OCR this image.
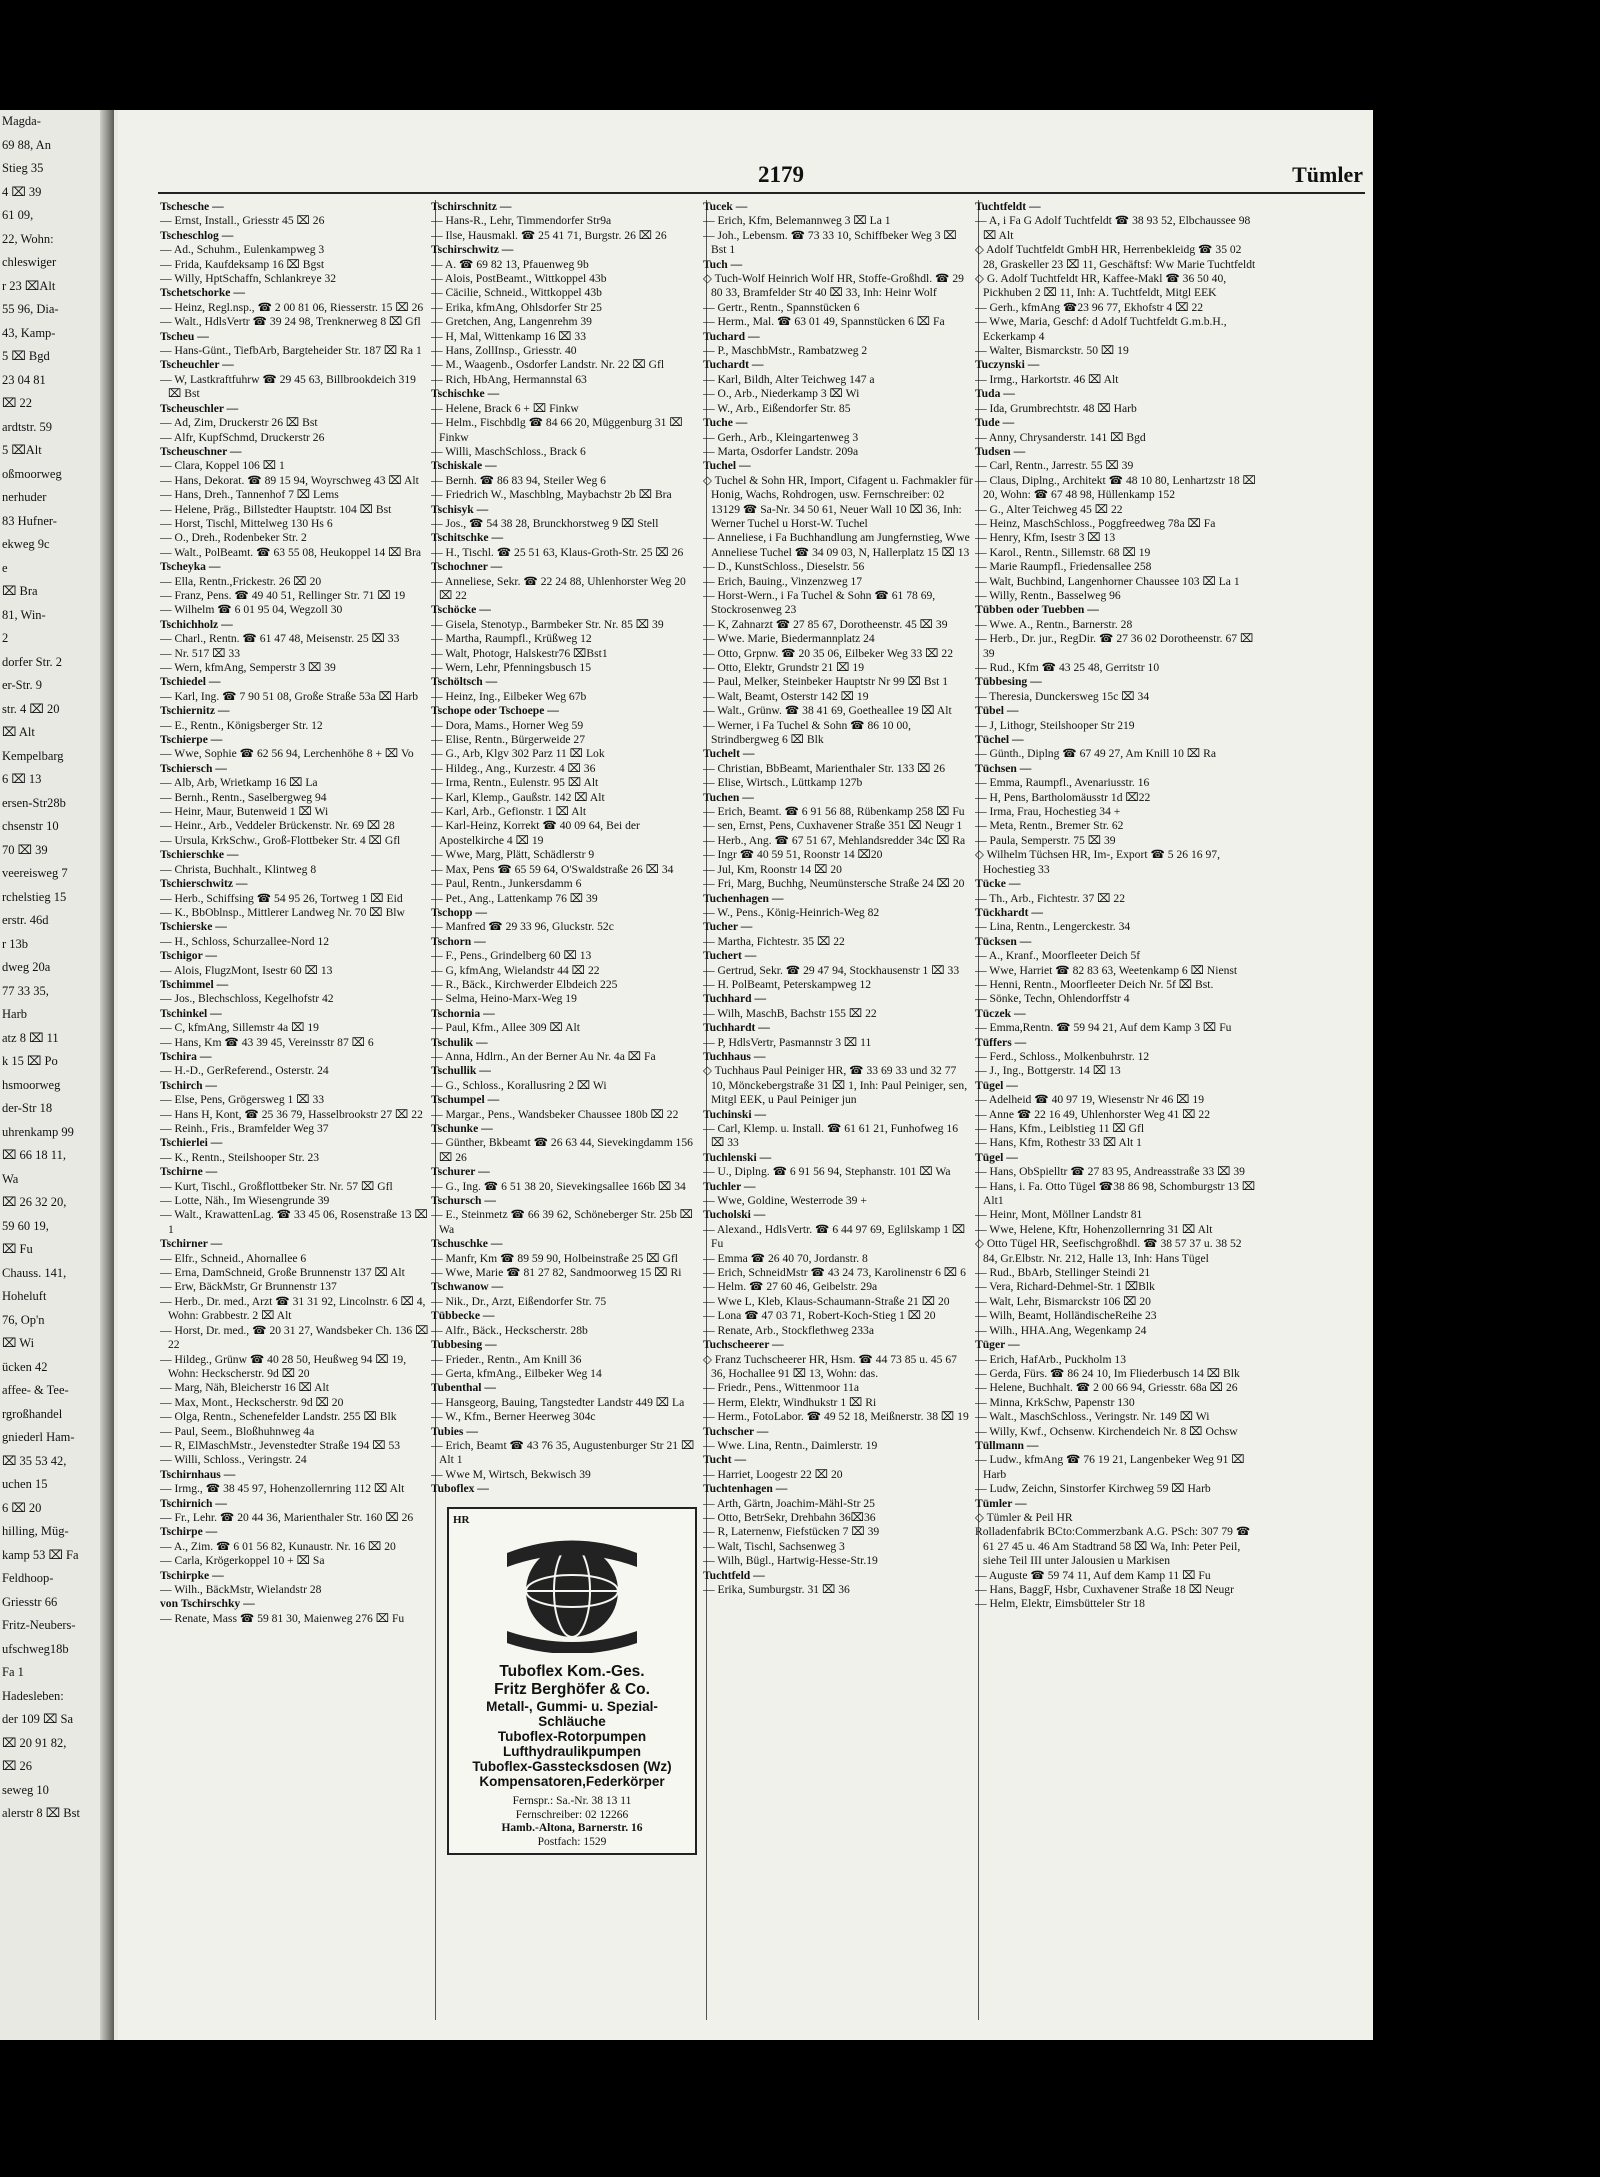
Magda-
69 88, An
Stieg 35
4 ⌧ 39
61 09,
22, Wohn:
chleswiger
r 23 ⌧Alt
55 96, Dia-
43, Kamp-
5 ⌧ Bgd
23 04 81
⌧ 22
ardtstr. 59
5 ⌧Alt
oßmoorweg
nerhuder
83 Hufner-
ekweg 9c
e
⌧ Bra
81, Win-
2
dorfer Str. 2
er-Str. 9
str. 4 ⌧ 20
⌧ Alt
Kempelbarg
6 ⌧ 13
ersen-Str28b
chsenstr 10
70 ⌧ 39
veereisweg 7
rchelstieg 15
erstr. 46d
r 13b
dweg 20a
77 33 35,
Harb
atz 8 ⌧ 11
k 15 ⌧ Po
hsmoorweg
der-Str 18
uhrenkamp 99
⌧ 66 18 11,
Wa
⌧ 26 32 20,
59 60 19,
⌧ Fu
Chauss. 141,
Hoheluft
76, Op'n
⌧ Wi
ücken 42
affee- & Tee-
rgroßhandel
gniederl Ham-
⌧ 35 53 42,
uchen 15
6 ⌧ 20
hilling, Müg-
kamp 53 ⌧ Fa
Feldhoop-
Griesstr 66
Fritz-Neubers-
ufschweg18b
Fa 1
Hadesleben:
der 109 ⌧ Sa
⌧ 20 91 82,
⌧ 26
seweg 10
alerstr 8 ⌧ Bst
2179	Tümler
Tschesche —
— Ernst, Install., Griesstr 45 ⌧ 26
Tscheschlog —
— Ad., Schuhm., Eulenkampweg 3
— Frida, Kaufdeksamp 16 ⌧ Bgst
— Willy, HptSchaffn, Schlankreye 32
Tschetschorke —
— Heinz, Regl.nsp., ☎ 2 00 81 06, Riesserstr. 15 ⌧ 26
— Walt., HdlsVertr ☎ 39 24 98, Trenknerweg 8 ⌧ Gfl
Tscheu —
— Hans-Günt., TiefbArb, Bargteheider Str. 187 ⌧ Ra 1
Tscheuchler —
— W, Lastkraftfuhrw ☎ 29 45 63, Billbrookdeich 319 ⌧ Bst
Tscheuschler —
— Ad, Zim, Druckerstr 26 ⌧ Bst
— Alfr, KupfSchmd, Druckerstr 26
Tscheuschner —
— Clara, Koppel 106 ⌧ 1
— Hans, Dekorat. ☎ 89 15 94, Woyrschweg 43 ⌧ Alt
— Hans, Dreh., Tannenhof 7 ⌧ Lems
— Helene, Präg., Billstedter Hauptstr. 104 ⌧ Bst
— Horst, Tischl, Mittelweg 130 Hs 6
— O., Dreh., Rodenbeker Str. 2
— Walt., PolBeamt. ☎ 63 55 08, Heukoppel 14 ⌧ Bra
Tscheyka —
— Ella, Rentn.,Frickestr. 26 ⌧ 20
— Franz, Pens. ☎ 49 40 51, Rellinger Str. 71 ⌧ 19
— Wilhelm ☎ 6 01 95 04, Wegzoll 30
Tschichholz —
— Charl., Rentn. ☎ 61 47 48, Meisenstr. 25 ⌧ 33
— Nr. 517 ⌧ 33
— Wern, kfmAng, Semperstr 3 ⌧ 39
Tschiedel —
— Karl, Ing. ☎ 7 90 51 08, Große Straße 53a ⌧ Harb
Tschiernitz —
— E., Rentn., Königsberger Str. 12
Tschierpe —
— Wwe, Sophie ☎ 62 56 94, Lerchenhöhe 8 + ⌧ Vo
Tschiersch —
— Alb, Arb, Wrietkamp 16 ⌧ La
— Bernh., Rentn., Saselbergweg 94
— Heinr, Maur, Butenweid 1 ⌧ Wi
— Heinr., Arb., Veddeler Brückenstr. Nr. 69 ⌧ 28
— Ursula, KrkSchw., Groß-Flottbeker Str. 4 ⌧ Gfl
Tschierschke —
— Christa, Buchhalt., Klintweg 8
Tschierschwitz —
— Herb., Schiffsing ☎ 54 95 26, Tortweg 1 ⌧ Eid
— K., BbOblnsp., Mittlerer Landweg Nr. 70 ⌧ Blw
Tschierske —
— H., Schloss, Schurzallee-Nord 12
Tschigor —
— Alois, FlugzMont, Isestr 60 ⌧ 13
Tschimmel —
— Jos., Blechschloss, Kegelhofstr 42
Tschinkel —
— C, kfmAng, Sillemstr 4a ⌧ 19
— Hans, Km ☎ 43 39 45, Vereinsstr 87 ⌧ 6
Tschira —
— H.-D., GerReferend., Osterstr. 24
Tschirch —
— Else, Pens, Grögersweg 1 ⌧ 33
— Hans H, Kont, ☎ 25 36 79, Hasselbrookstr 27 ⌧ 22
— Reinh., Fris., Bramfelder Weg 37
Tschierlei —
— K., Rentn., Steilshooper Str. 23
Tschirne —
— Kurt, Tischl., Großflottbeker Str. Nr. 57 ⌧ Gfl
— Lotte, Näh., Im Wiesengrunde 39
— Walt., KrawattenLag. ☎ 33 45 06, Rosenstraße 13 ⌧ 1
Tschirner —
— Elfr., Schneid., Ahornallee 6
— Erna, DamSchneid, Große Brunnenstr 137 ⌧ Alt
— Erw, BäckMstr, Gr Brunnenstr 137
— Herb., Dr. med., Arzt ☎ 31 31 92, Lincolnstr. 6 ⌧ 4, Wohn: Grabbestr. 2 ⌧ Alt
— Horst, Dr. med., ☎ 20 31 27, Wandsbeker Ch. 136 ⌧ 22
— Hildeg., Grünw ☎ 40 28 50, Heußweg 94 ⌧ 19, Wohn: Heckscherstr. 9d ⌧ 20
— Marg, Näh, Bleicherstr 16 ⌧ Alt
— Max, Mont., Heckscherstr. 9d ⌧ 20
— Olga, Rentn., Schenefelder Landstr. 255 ⌧ Blk
— Paul, Seem., Bloßhuhnweg 4a
— R, ElMaschMstr., Jevenstedter Straße 194 ⌧ 53
— Willi, Schloss., Veringstr. 24
Tschirnhaus —
— Irmg., ☎ 38 45 97, Hohenzollernring 112 ⌧ Alt
Tschirnich —
— Fr., Lehr. ☎ 20 44 36, Marienthaler Str. 160 ⌧ 26
Tschirpe —
— A., Zim. ☎ 6 01 56 82, Kunaustr. Nr. 16 ⌧ 20
— Carla, Krögerkoppel 10 + ⌧ Sa
Tschirpke —
— Wilh., BäckMstr, Wielandstr 28
von Tschirschky —
— Renate, Mass ☎ 59 81 30, Maienweg 276 ⌧ Fu
Tschirschnitz —
— Hans-R., Lehr, Timmendorfer Str9a
— Ilse, Hausmakl. ☎ 25 41 71, Burgstr. 26 ⌧ 26
Tschirschwitz —
— A. ☎ 69 82 13, Pfauenweg 9b
— Alois, PostBeamt., Wittkoppel 43b
— Cäcilie, Schneid., Wittkoppel 43b
— Erika, kfmAng, Ohlsdorfer Str 25
— Gretchen, Ang, Langenrehm 39
— H, Mal, Wittenkamp 16 ⌧ 33
— Hans, ZollInsp., Griesstr. 40
— M., Waagenb., Osdorfer Landstr. Nr. 22 ⌧ Gfl
— Rich, HbAng, Hermannstal 63
Tschischke —
— Helene, Brack 6 + ⌧ Finkw
— Helm., Fischbdlg ☎ 84 66 20, Müggenburg 31 ⌧ Finkw
— Willi, MaschSchloss., Brack 6
Tschiskale —
— Bernh. ☎ 86 83 94, Steiler Weg 6
— Friedrich W., Maschblng, Maybachstr 2b ⌧ Bra
Tschisyk —
— Jos., ☎ 54 38 28, Brunckhorstweg 9 ⌧ Stell
Tschitschke —
— H., Tischl. ☎ 25 51 63, Klaus-Groth-Str. 25 ⌧ 26
Tschochner —
— Anneliese, Sekr. ☎ 22 24 88, Uhlenhorster Weg 20 ⌧ 22
Tschöcke —
— Gisela, Stenotyp., Barmbeker Str. Nr. 85 ⌧ 39
— Martha, Raumpfl., Krüßweg 12
— Walt, Photogr, Halskestr76 ⌧Bst1
— Wern, Lehr, Pfenningsbusch 15
Tschöltsch —
— Heinz, Ing., Eilbeker Weg 67b
Tschope oder Tschoepe —
— Dora, Mams., Horner Weg 59
— Elise, Rentn., Bürgerweide 27
— G., Arb, Klgv 302 Parz 11 ⌧ Lok
— Hildeg., Ang., Kurzestr. 4 ⌧ 36
— Irma, Rentn., Eulenstr. 95 ⌧ Alt
— Karl, Klemp., Gaußstr. 142 ⌧ Alt
— Karl, Arb., Gefionstr. 1 ⌧ Alt
— Karl-Heinz, Korrekt ☎ 40 09 64, Bei der Apostelkirche 4 ⌧ 19
— Wwe, Marg, Plätt, Schädlerstr 9
— Max, Pens ☎ 65 59 64, O'Swaldstraße 26 ⌧ 34
— Paul, Rentn., Junkersdamm 6
— Pet., Ang., Lattenkamp 76 ⌧ 39
Tschopp —
— Manfred ☎ 29 33 96, Gluckstr. 52c
Tschorn —
— F., Pens., Grindelberg 60 ⌧ 13
— G, kfmAng, Wielandstr 44 ⌧ 22
— R., Bäck., Kirchwerder Elbdeich 225
— Selma, Heino-Marx-Weg 19
Tschornia —
— Paul, Kfm., Allee 309 ⌧ Alt
Tschulik —
— Anna, Hdlrn., An der Berner Au Nr. 4a ⌧ Fa
Tschullik —
— G., Schloss., Korallusring 2 ⌧ Wi
Tschumpel —
— Margar., Pens., Wandsbeker Chaussee 180b ⌧ 22
Tschunke —
— Günther, Bkbeamt ☎ 26 63 44, Sievekingdamm 156 ⌧ 26
Tschurer —
— G., Ing. ☎ 6 51 38 20, Sievekingsallee 166b ⌧ 34
Tschursch —
— E., Steinmetz ☎ 66 39 62, Schöneberger Str. 25b ⌧ Wa
Tschuschke —
— Manfr, Km ☎ 89 59 90, Holbeinstraße 25 ⌧ Gfl
— Wwe, Marie ☎ 81 27 82, Sandmoorweg 15 ⌧ Ri
Tschwanow —
— Nik., Dr., Arzt, Eißendorfer Str. 75
Tübbecke —
— Alfr., Bäck., Heckscherstr. 28b
Tubbesing —
— Frieder., Rentn., Am Knill 36
— Gerta, kfmAng., Eilbeker Weg 14
Tubenthal —
— Hansgeorg, Bauing, Tangstedter Landstr 449 ⌧ La
— W., Kfm., Berner Heerweg 304c
Tubies —
— Erich, Beamt ☎ 43 76 35, Augustenburger Str 21 ⌧ Alt 1
— Wwe M, Wirtsch, Bekwisch 39
Tuboflex —
HR
Tuboflex Kom.-Ges.
Fritz Berghöfer & Co.
Metall-, Gummi- u. Spezial-
Schläuche
Tuboflex-Rotorpumpen
Lufthydraulikpumpen
Tuboflex-Gasstecksdosen (Wz)
Kompensatoren,Federkörper
Fernspr.: Sa.-Nr. 38 13 11
Fernschreiber: 02 12266
Hamb.-Altona, Barnerstr. 16
Postfach: 1529
Tucek —
— Erich, Kfm, Belemannweg 3 ⌧ La 1
— Joh., Lebensm. ☎ 73 33 10, Schiffbeker Weg 3 ⌧ Bst 1
Tuch —
◇ Tuch-Wolf Heinrich Wolf HR, Stoffe-Großhdl. ☎ 29 80 33, Bramfelder Str 40 ⌧ 33, Inh: Heinr Wolf
— Gertr., Rentn., Spannstücken 6
— Herm., Mal. ☎ 63 01 49, Spannstücken 6 ⌧ Fa
Tuchard —
— P., MaschbMstr., Rambatzweg 2
Tuchardt —
— Karl, Bildh, Alter Teichweg 147 a
— O., Arb., Niederkamp 3 ⌧ Wi
— W., Arb., Eißendorfer Str. 85
Tuche —
— Gerh., Arb., Kleingartenweg 3
— Marta, Osdorfer Landstr. 209a
Tuchel —
◇ Tuchel & Sohn HR, Import, Cifagent u. Fachmakler für Honig, Wachs, Rohdrogen, usw. Fernschreiber: 02 13129 ☎ Sa-Nr. 34 50 61, Neuer Wall 10 ⌧ 36, Inh: Werner Tuchel u Horst-W. Tuchel
— Anneliese, i Fa Buchhandlung am Jungfernstieg, Wwe Anneliese Tuchel ☎ 34 09 03, N, Hallerplatz 15 ⌧ 13
— D., KunstSchloss., Dieselstr. 56
— Erich, Bauing., Vinzenzweg 17
— Horst-Wern., i Fa Tuchel & Sohn ☎ 61 78 69, Stockrosenweg 23
— K, Zahnarzt ☎ 27 85 67, Dorotheenstr. 45 ⌧ 39
— Wwe. Marie, Biedermannplatz 24
— Otto, Grpnw. ☎ 20 35 06, Eilbeker Weg 33 ⌧ 22
— Otto, Elektr, Grundstr 21 ⌧ 19
— Paul, Melker, Steinbeker Hauptstr Nr 99 ⌧ Bst 1
— Walt, Beamt, Osterstr 142 ⌧ 19
— Walt., Grünw. ☎ 38 41 69, Goetheallee 19 ⌧ Alt
— Werner, i Fa Tuchel & Sohn ☎ 86 10 00, Strindbergweg 6 ⌧ Blk
Tuchelt —
— Christian, BbBeamt, Marienthaler Str. 133 ⌧ 26
— Elise, Wirtsch., Lüttkamp 127b
Tuchen —
— Erich, Beamt. ☎ 6 91 56 88, Rübenkamp 258 ⌧ Fu
— sen, Ernst, Pens, Cuxhavener Straße 351 ⌧ Neugr 1
— Herb., Ang. ☎ 67 51 67, Mehlandsredder 34c ⌧ Ra
— Ingr ☎ 40 59 51, Roonstr 14 ⌧20
— Jul, Km, Roonstr 14 ⌧ 20
— Fri, Marg, Buchhg, Neumünstersche Straße 24 ⌧ 20
Tuchenhagen —
— W., Pens., König-Heinrich-Weg 82
Tucher —
— Martha, Fichtestr. 35 ⌧ 22
Tuchert —
— Gertrud, Sekr. ☎ 29 47 94, Stockhausenstr 1 ⌧ 33
— H. PolBeamt, Peterskampweg 12
Tuchhard —
— Wilh, MaschB, Bachstr 155 ⌧ 22
Tuchhardt —
— P, HdlsVertr, Pasmannstr 3 ⌧ 11
Tuchhaus —
◇ Tuchhaus Paul Peiniger HR, ☎ 33 69 33 und 32 77 10, Mönckebergstraße 31 ⌧ 1, Inh: Paul Peiniger, sen, Mitgl EEK, u Paul Peiniger jun
Tuchinski —
— Carl, Klemp. u. Install. ☎ 61 61 21, Funhofweg 16 ⌧ 33
Tuchlenski —
— U., Diplng. ☎ 6 91 56 94, Stephanstr. 101 ⌧ Wa
Tuchler —
— Wwe, Goldine, Westerrode 39 +
Tucholski —
— Alexand., HdlsVertr. ☎ 6 44 97 69, Eglilskamp 1 ⌧ Fu
— Emma ☎ 26 40 70, Jordanstr. 8
— Erich, SchneidMstr ☎ 43 24 73, Karolinenstr 6 ⌧ 6
— Helm. ☎ 27 60 46, Geibelstr. 29a
— Wwe L, Kleb, Klaus-Schaumann-Straße 21 ⌧ 20
— Lona ☎ 47 03 71, Robert-Koch-Stieg 1 ⌧ 20
— Renate, Arb., Stockflethweg 233a
Tuchscheerer —
◇ Franz Tuchscheerer HR, Hsm. ☎ 44 73 85 u. 45 67 36, Hochallee 91 ⌧ 13, Wohn: das.
— Friedr., Pens., Wittenmoor 11a
— Herm, Elektr, Windhukstr 1 ⌧ Ri
— Herm., FotoLabor. ☎ 49 52 18, Meißnerstr. 38 ⌧ 19
Tuchscher —
— Wwe. Lina, Rentn., Daimlerstr. 19
Tucht —
— Harriet, Loogestr 22 ⌧ 20
Tuchtenhagen —
— Arth, Gärtn, Joachim-Mähl-Str 25
— Otto, BetrSekr, Drehbahn 36⌧36
— R, Laternenw, Fiefstücken 7 ⌧ 39
— Walt, Tischl, Sachsenweg 3
— Wilh, Bügl., Hartwig-Hesse-Str.19
Tuchtfeld —
— Erika, Sumburgstr. 31 ⌧ 36
Tuchtfeldt —
— A, i Fa G Adolf Tuchtfeldt ☎ 38 93 52, Elbchaussee 98 ⌧ Alt
◇ Adolf Tuchtfeldt GmbH HR, Herrenbekleidg ☎ 35 02 28, Graskeller 23 ⌧ 11, Geschäftsf: Ww Marie Tuchtfeldt
◇ G. Adolf Tuchtfeldt HR, Kaffee-Makl ☎ 36 50 40, Pickhuben 2 ⌧ 11, Inh: A. Tuchtfeldt, Mitgl EEK
— Gerh., kfmAng ☎23 96 77, Ekhofstr 4 ⌧ 22
— Wwe, Maria, Geschf: d Adolf Tuchtfeldt G.m.b.H., Eckerkamp 4
— Walter, Bismarckstr. 50 ⌧ 19
Tuczynski —
— Irmg., Harkortstr. 46 ⌧ Alt
Tuda —
— Ida, Grumbrechtstr. 48 ⌧ Harb
Tude —
— Anny, Chrysanderstr. 141 ⌧ Bgd
Tudsen —
— Carl, Rentn., Jarrestr. 55 ⌧ 39
— Claus, Diplng., Architekt ☎ 48 10 80, Lenhartzstr 18 ⌧ 20, Wohn: ☎ 67 48 98, Hüllenkamp 152
— G., Alter Teichweg 45 ⌧ 22
— Heinz, MaschSchloss., Poggfreedweg 78a ⌧ Fa
— Henry, Kfm, Isestr 3 ⌧ 13
— Karol., Rentn., Sillemstr. 68 ⌧ 19
— Marie Raumpfl., Friedensallee 258
— Walt, Buchbind, Langenhorner Chaussee 103 ⌧ La 1
— Willy, Rentn., Basselweg 96
Tübben oder Tuebben —
— Wwe. A., Rentn., Barnerstr. 28
— Herb., Dr. jur., RegDir. ☎ 27 36 02 Dorotheenstr. 67 ⌧ 39
— Rud., Kfm ☎ 43 25 48, Gerritstr 10
Tübbesing —
— Theresia, Dunckersweg 15c ⌧ 34
Tübel —
— J, Lithogr, Steilshooper Str 219
Tüchel —
— Günth., Diplng ☎ 67 49 27, Am Knill 10 ⌧ Ra
Tüchsen —
— Emma, Raumpfl., Avenariusstr. 16
— H, Pens, Bartholomäusstr 1d ⌧22
— Irma, Frau, Hochestieg 34 +
— Meta, Rentn., Bremer Str. 62
— Paula, Semperstr. 75 ⌧ 39
◇ Wilhelm Tüchsen HR, Im-, Export ☎ 5 26 16 97, Hochestieg 33
Tücke —
— Th., Arb., Fichtestr. 37 ⌧ 22
Tückhardt —
— Lina, Rentn., Lengerckestr. 34
Tücksen —
— A., Kranf., Moorfleeter Deich 5f
— Wwe, Harriet ☎ 82 83 63, Weetenkamp 6 ⌧ Nienst
— Henni, Rentn., Moorfleeter Deich Nr. 5f ⌧ Bst.
— Sönke, Techn, Ohlendorffstr 4
Tüczek —
— Emma,Rentn. ☎ 59 94 21, Auf dem Kamp 3 ⌧ Fu
Tüffers —
— Ferd., Schloss., Molkenbuhrstr. 12
— J., Ing., Bottgerstr. 14 ⌧ 13
Tügel —
— Adelheid ☎ 40 97 19, Wiesenstr Nr 46 ⌧ 19
— Anne ☎ 22 16 49, Uhlenhorster Weg 41 ⌧ 22
— Hans, Kfm., Leiblstieg 11 ⌧ Gfl
— Hans, Kfm, Rothestr 33 ⌧ Alt 1
Tügel —
— Hans, ObSpielltr ☎ 27 83 95, Andreasstraße 33 ⌧ 39
— Hans, i. Fa. Otto Tügel ☎38 86 98, Schomburgstr 13 ⌧ Alt1
— Heinr, Mont, Möllner Landstr 81
— Wwe, Helene, Kftr, Hohenzollernring 31 ⌧ Alt
◇ Otto Tügel HR, Seefischgroßhdl. ☎ 38 57 37 u. 38 52 84, Gr.Elbstr. Nr. 212, Halle 13, Inh: Hans Tügel
— Rud., BbArb, Stellinger Steindi 21
— Vera, Richard-Dehmel-Str. 1 ⌧Blk
— Walt, Lehr, Bismarckstr 106 ⌧ 20
— Wilh, Beamt, HolländischeReihe 23
— Wilh., HHA.Ang, Wegenkamp 24
Tüger —
— Erich, HafArb., Puckholm 13
— Gerda, Fürs. ☎ 86 24 10, Im Fliederbusch 14 ⌧ Blk
— Helene, Buchhalt. ☎ 2 00 66 94, Griesstr. 68a ⌧ 26
— Minna, KrkSchw, Papenstr 130
— Walt., MaschSchloss., Veringstr. Nr. 149 ⌧ Wi
— Willy, Kwf., Ochsenw. Kirchendeich Nr. 8 ⌧ Ochsw
Tüllmann —
— Ludw., kfmAng ☎ 76 19 21, Langenbeker Weg 91 ⌧ Harb
— Ludw, Zeichn, Sinstorfer Kirchweg 59 ⌧ Harb
Tümler —
◇ Tümler & Peil HR
Rolladenfabrik BCto:Commerzbank A.G. PSch: 307 79 ☎ 61 27 45 u. 46 Am Stadtrand 58 ⌧ Wa, Inh: Peter Peil, siehe Teil III unter Jalousien u Markisen
— Auguste ☎ 59 74 11, Auf dem Kamp 11 ⌧ Fu
— Hans, BaggF, Hsbr, Cuxhavener Straße 18 ⌧ Neugr
— Helm, Elektr, Eimsbütteler Str 18
